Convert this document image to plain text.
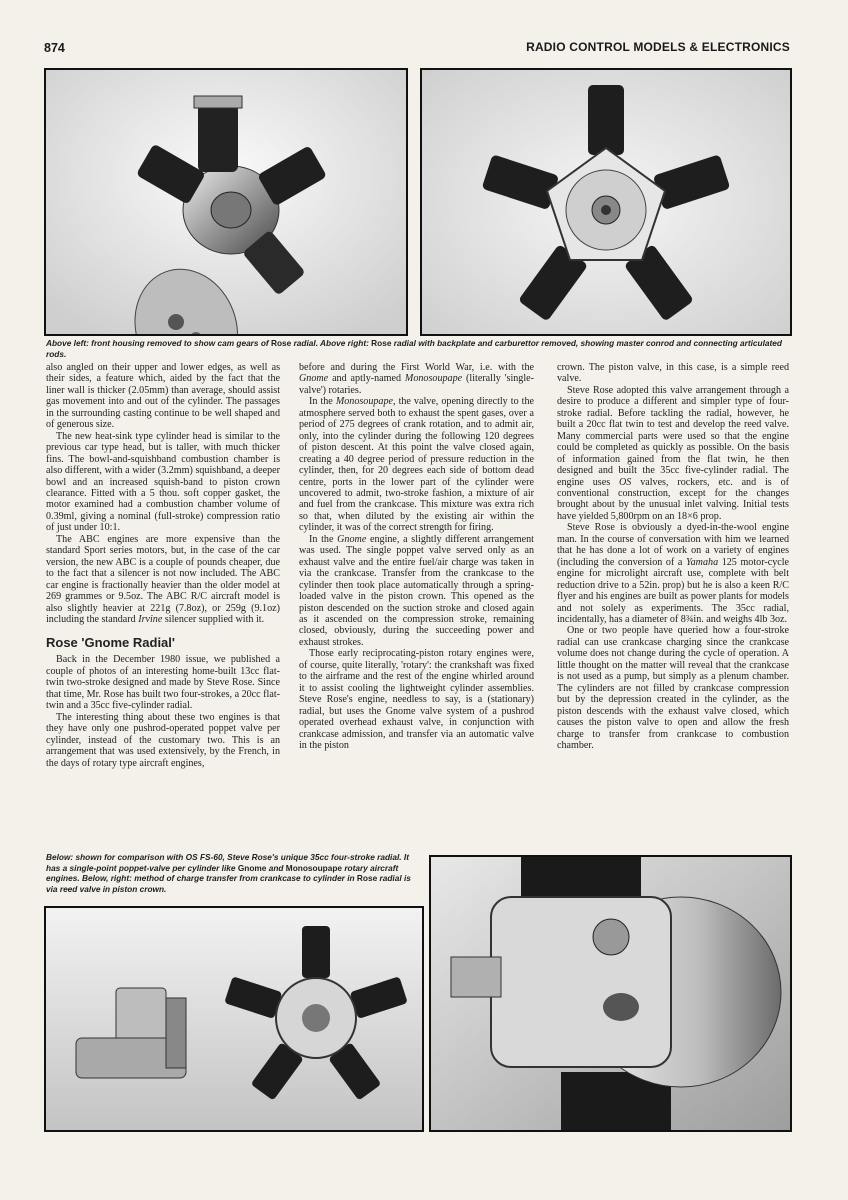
874	RADIO CONTROL MODELS & ELECTRONICS
Above left: front housing removed to show cam gears of Rose radial. Above right: Rose radial with backplate and carburettor removed, showing master conrod and connecting articulated rods.

also angled on their upper and lower edges, as well as their sides, a feature which, aided by the fact that the liner wall is thicker (2.05mm) than average, should assist gas movement into and out of the cylinder. The passages in the surrounding casting continue to be well shaped and of generous size.

The new heat-sink type cylinder head is similar to the previous car type head, but is taller, with much thicker fins. The bowl-and-squishband combustion chamber is also different, with a wider (3.2mm) squishband, a deeper bowl and an increased squish-band to piston crown clearance. Fitted with a 5 thou. soft copper gasket, the motor examined had a combustion chamber volume of 0.39ml, giving a nominal (full-stroke) compression ratio of just under 10:1.

The ABC engines are more expensive than the standard Sport series motors, but, in the case of the car version, the new ABC is a couple of pounds cheaper, due to the fact that a silencer is not now included. The ABC car engine is fractionally heavier than the older model at 269 grammes or 9.5oz. The ABC R/C aircraft model is also slightly heavier at 221g (7.8oz), or 259g (9.1oz) including the standard Irvine silencer supplied with it.

Rose 'Gnome Radial'

Back in the December 1980 issue, we published a couple of photos of an interesting home-built 13cc flat-twin two-stroke designed and made by Steve Rose. Since that time, Mr. Rose has built two four-strokes, a 20cc flat-twin and a 35cc five-cylinder radial.

The interesting thing about these two engines is that they have only one pushrod-operated poppet valve per cylinder, instead of the customary two. This is an arrangement that was used extensively, by the French, in the days of rotary type aircraft engines,

before and during the First World War, i.e. with the Gnome and aptly-named Monosoupape (literally 'single-valve') rotaries.

In the Monosoupape, the valve, opening directly to the atmosphere served both to exhaust the spent gases, over a period of 275 degrees of crank rotation, and to admit air, only, into the cylinder during the following 120 degrees of piston descent. At this point the valve closed again, creating a 40 degree period of pressure reduction in the cylinder, then, for 20 degrees each side of bottom dead centre, ports in the lower part of the cylinder were uncovered to admit, two-stroke fashion, a mixture of air and fuel from the crankcase. This mixture was extra rich so that, when diluted by the existing air within the cylinder, it was of the correct strength for firing.

In the Gnome engine, a slightly different arrangement was used. The single poppet valve served only as an exhaust valve and the entire fuel/air charge was taken in via the crankcase. Transfer from the crankcase to the cylinder then took place automatically through a spring-loaded valve in the piston crown. This opened as the piston descended on the suction stroke and closed again as it ascended on the compression stroke, remaining closed, obviously, during the succeeding power and exhaust strokes.

Those early reciprocating-piston rotary engines were, of course, quite literally, 'rotary': the crankshaft was fixed to the airframe and the rest of the engine whirled around it to assist cooling the lightweight cylinder assemblies. Steve Rose's engine, needless to say, is a (stationary) radial, but uses the Gnome valve system of a pushrod operated overhead exhaust valve, in conjunction with crankcase admission, and transfer via an automatic valve in the piston

crown. The piston valve, in this case, is a simple reed valve.

Steve Rose adopted this valve arrangement through a desire to produce a different and simpler type of four-stroke radial. Before tackling the radial, however, he built a 20cc flat twin to test and develop the reed valve. Many commercial parts were used so that the engine could be completed as quickly as possible. On the basis of information gained from the flat twin, he then designed and built the 35cc five-cylinder radial. The engine uses OS valves, rockers, etc. and is of conventional construction, except for the changes brought about by the unusual inlet valving. Initial tests have yielded 5,800rpm on an 18×6 prop.

Steve Rose is obviously a dyed-in-the-wool engine man. In the course of conversation with him we learned that he has done a lot of work on a variety of engines (including the conversion of a Yamaha 125 motor-cycle engine for microlight aircraft use, complete with belt reduction drive to a 52in. prop) but he is also a keen R/C flyer and his engines are built as power plants for models and not solely as experiments. The 35cc radial, incidentally, has a diameter of 8¾in. and weighs 4lb 3oz.

One or two people have queried how a four-stroke radial can use crankcase charging since the crankcase volume does not change during the cycle of operation. A little thought on the matter will reveal that the crankcase is not used as a pump, but simply as a plenum chamber. The cylinders are not filled by crankcase compression but by the depression created in the cylinder, as the piston descends with the exhaust valve closed, which causes the piston valve to open and allow the fresh charge to transfer from crankcase to combustion chamber.

Below: shown for comparison with OS FS-60, Steve Rose's unique 35cc four-stroke radial. It has a single-point poppet-valve per cylinder like Gnome and Monosoupape rotary aircraft engines. Below, right: method of charge transfer from crankcase to cylinder in Rose radial is via reed valve in piston crown.
